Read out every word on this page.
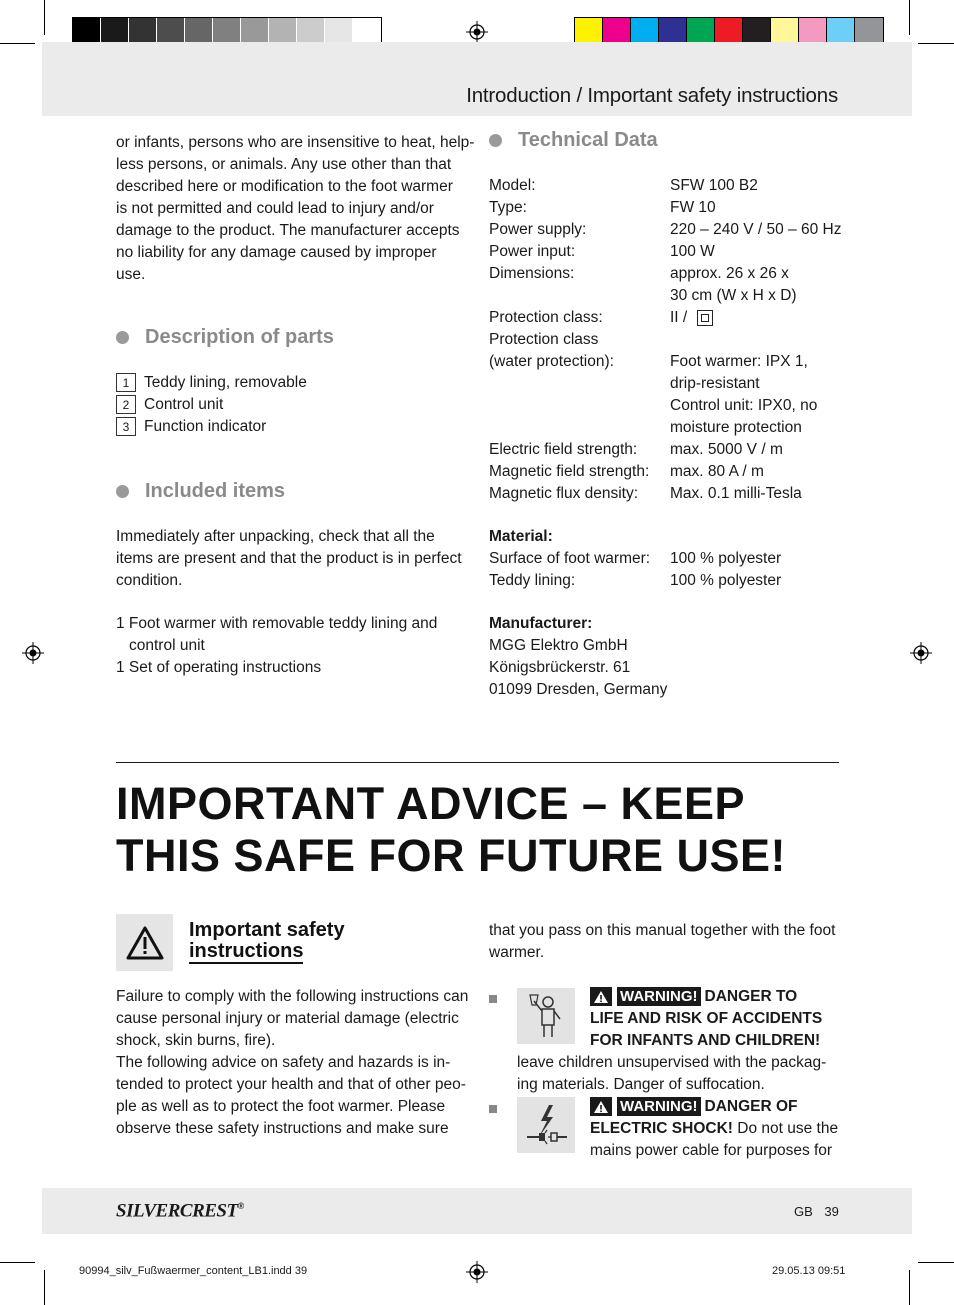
Introduction / Important safety instructions
or infants, persons who are insensitive to heat, help-
less persons, or animals. Any use other than that
described here or modification to the foot warmer
is not permitted and could lead to injury and/or
damage to the product. The manufacturer accepts
no liability for any damage caused by improper
use.
Description of parts
1 Teddy lining, removable
2 Control unit
3 Function indicator
Included items
Immediately after unpacking, check that all the
items are present and that the product is in perfect
condition.
1 Foot warmer with removable teddy lining and
control unit
1 Set of operating instructions
Technical Data
Model:	SFW 100 B2
Type:	FW 10
Power supply:	220 – 240 V / 50 – 60 Hz
Power input:	100 W
Dimensions:	approx. 26 x 26 x
30 cm (W x H x D)
Protection class:	II /
Protection class
(water protection):	Foot warmer: IPX 1,
drip-resistant
Control unit: IPX0, no
moisture protection
Electric field strength:	max. 5000 V / m
Magnetic field strength:	max. 80 A / m
Magnetic flux density:	Max. 0.1 milli-Tesla
Material:
Surface of foot warmer:	100 % polyester
Teddy lining:	100 % polyester
Manufacturer:
MGG Elektro GmbH
Königsbrückerstr. 61
01099 Dresden, Germany
IMPORTANT ADVICE – KEEP
THIS SAFE FOR FUTURE USE!
Important safety
instructions
Failure to comply with the following instructions can
cause personal injury or material damage (electric
shock, skin burns, fire).
The following advice on safety and hazards is in-
tended to protect your health and that of other peo-
ple as well as to protect the foot warmer. Please
observe these safety instructions and make sure
that you pass on this manual together with the foot
warmer.
WARNING! DANGER TO
LIFE AND RISK OF ACCIDENTS
FOR INFANTS AND CHILDREN!
leave children unsupervised with the packag-
ing materials. Danger of suffocation.
WARNING! DANGER OF
ELECTRIC SHOCK! Do not use the
mains power cable for purposes for
SILVERCREST®	GB 39
90994_silv_Fußwaermer_content_LB1.indd 39	29.05.13 09:51
